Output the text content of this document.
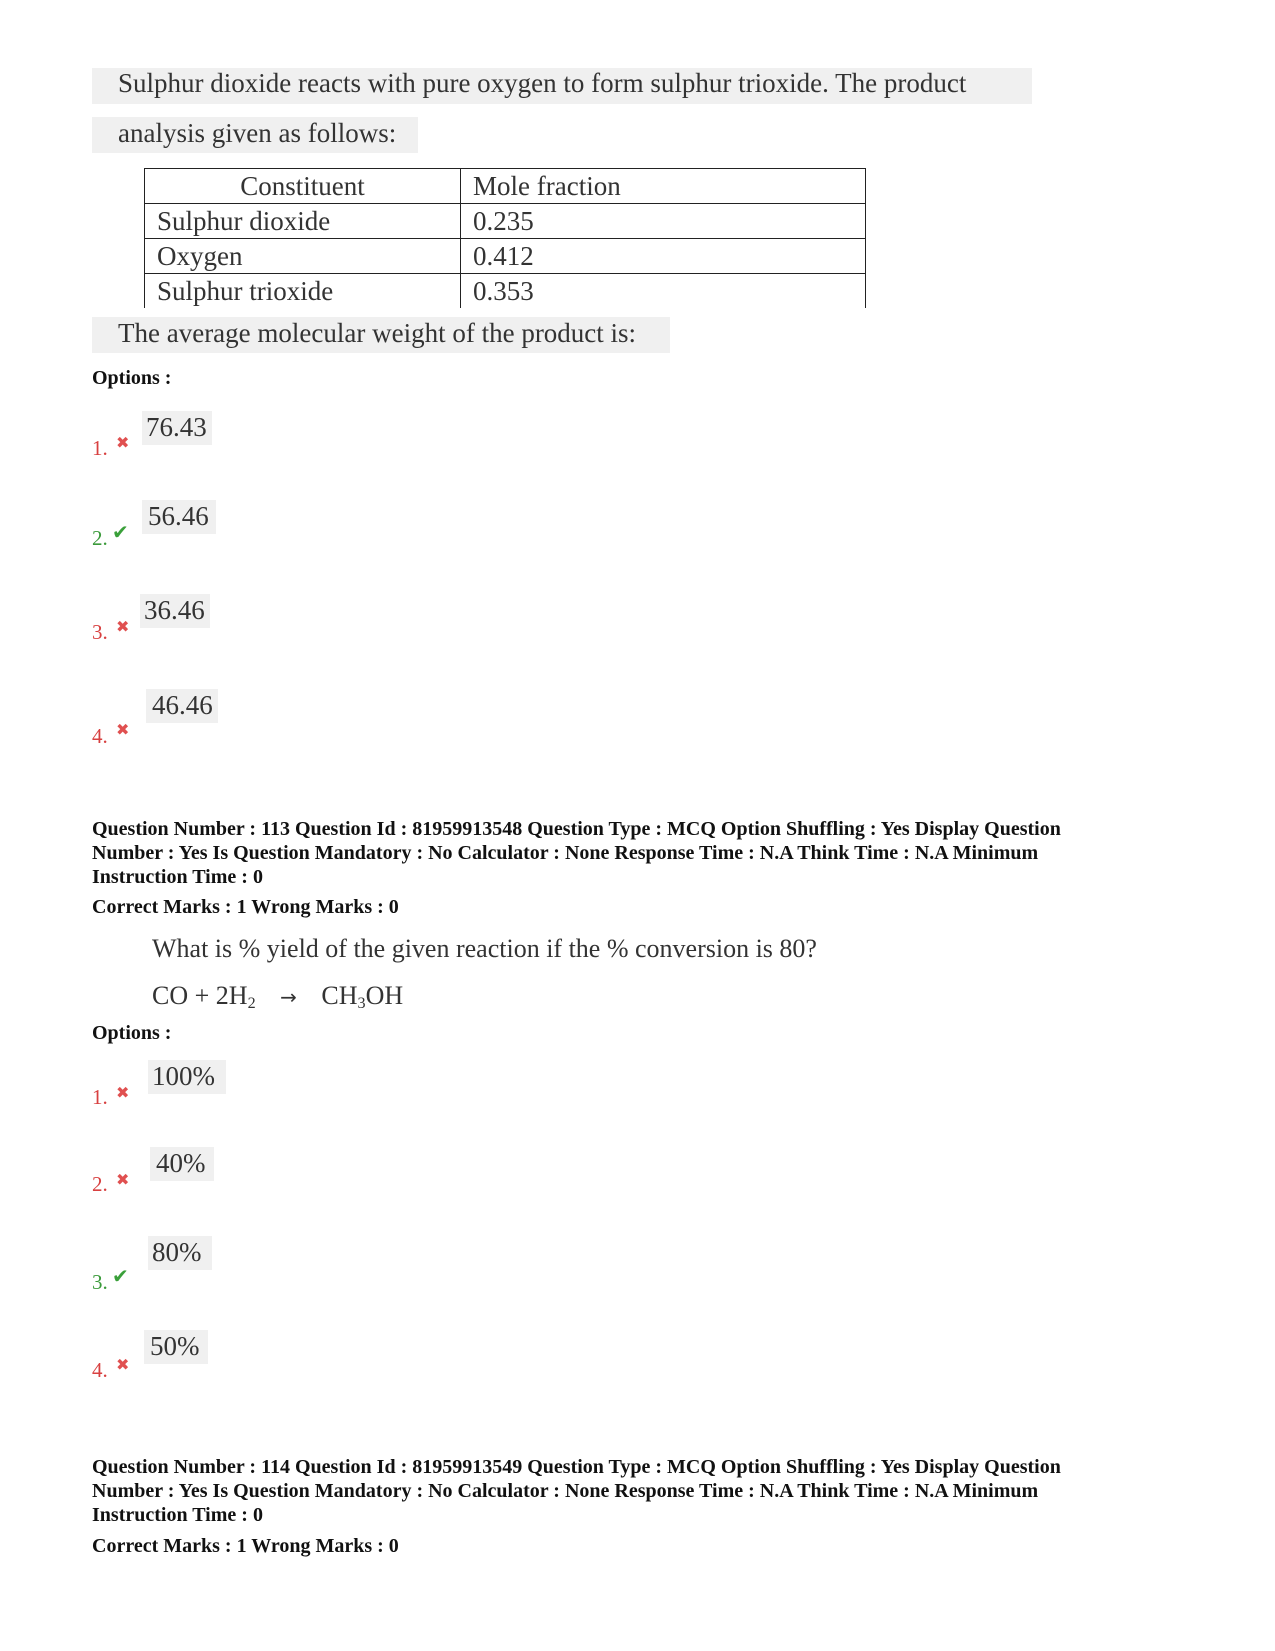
Sulphur dioxide reacts with pure oxygen to form sulphur trioxide. The product
analysis given as follows:
Constituent	Mole fraction
Sulphur dioxide	0.235
Oxygen	0.412
Sulphur trioxide	0.353
The average molecular weight of the product is:
Options :
76.43
1. ✖
56.46
2. ✔
36.46
3. ✖
46.46
4. ✖
Question Number : 113 Question Id : 81959913548 Question Type : MCQ Option Shuffling : Yes Display Question
Number : Yes Is Question Mandatory : No Calculator : None Response Time : N.A Think Time : N.A Minimum
Instruction Time : 0
Correct Marks : 1 Wrong Marks : 0
What is % yield of the given reaction if the % conversion is 80?
CO + $2H_2 \to CH_3OH$
Options :
100%
1. ✖
40%
2. ✖
80%
3. ✔
50%
4. ✖
Question Number : 114 Question Id : 81959913549 Question Type : MCQ Option Shuffling : Yes Display Question
Number : Yes Is Question Mandatory : No Calculator : None Response Time : N.A Think Time : N.A Minimum
Instruction Time : 0
Correct Marks : 1 Wrong Marks : 0
